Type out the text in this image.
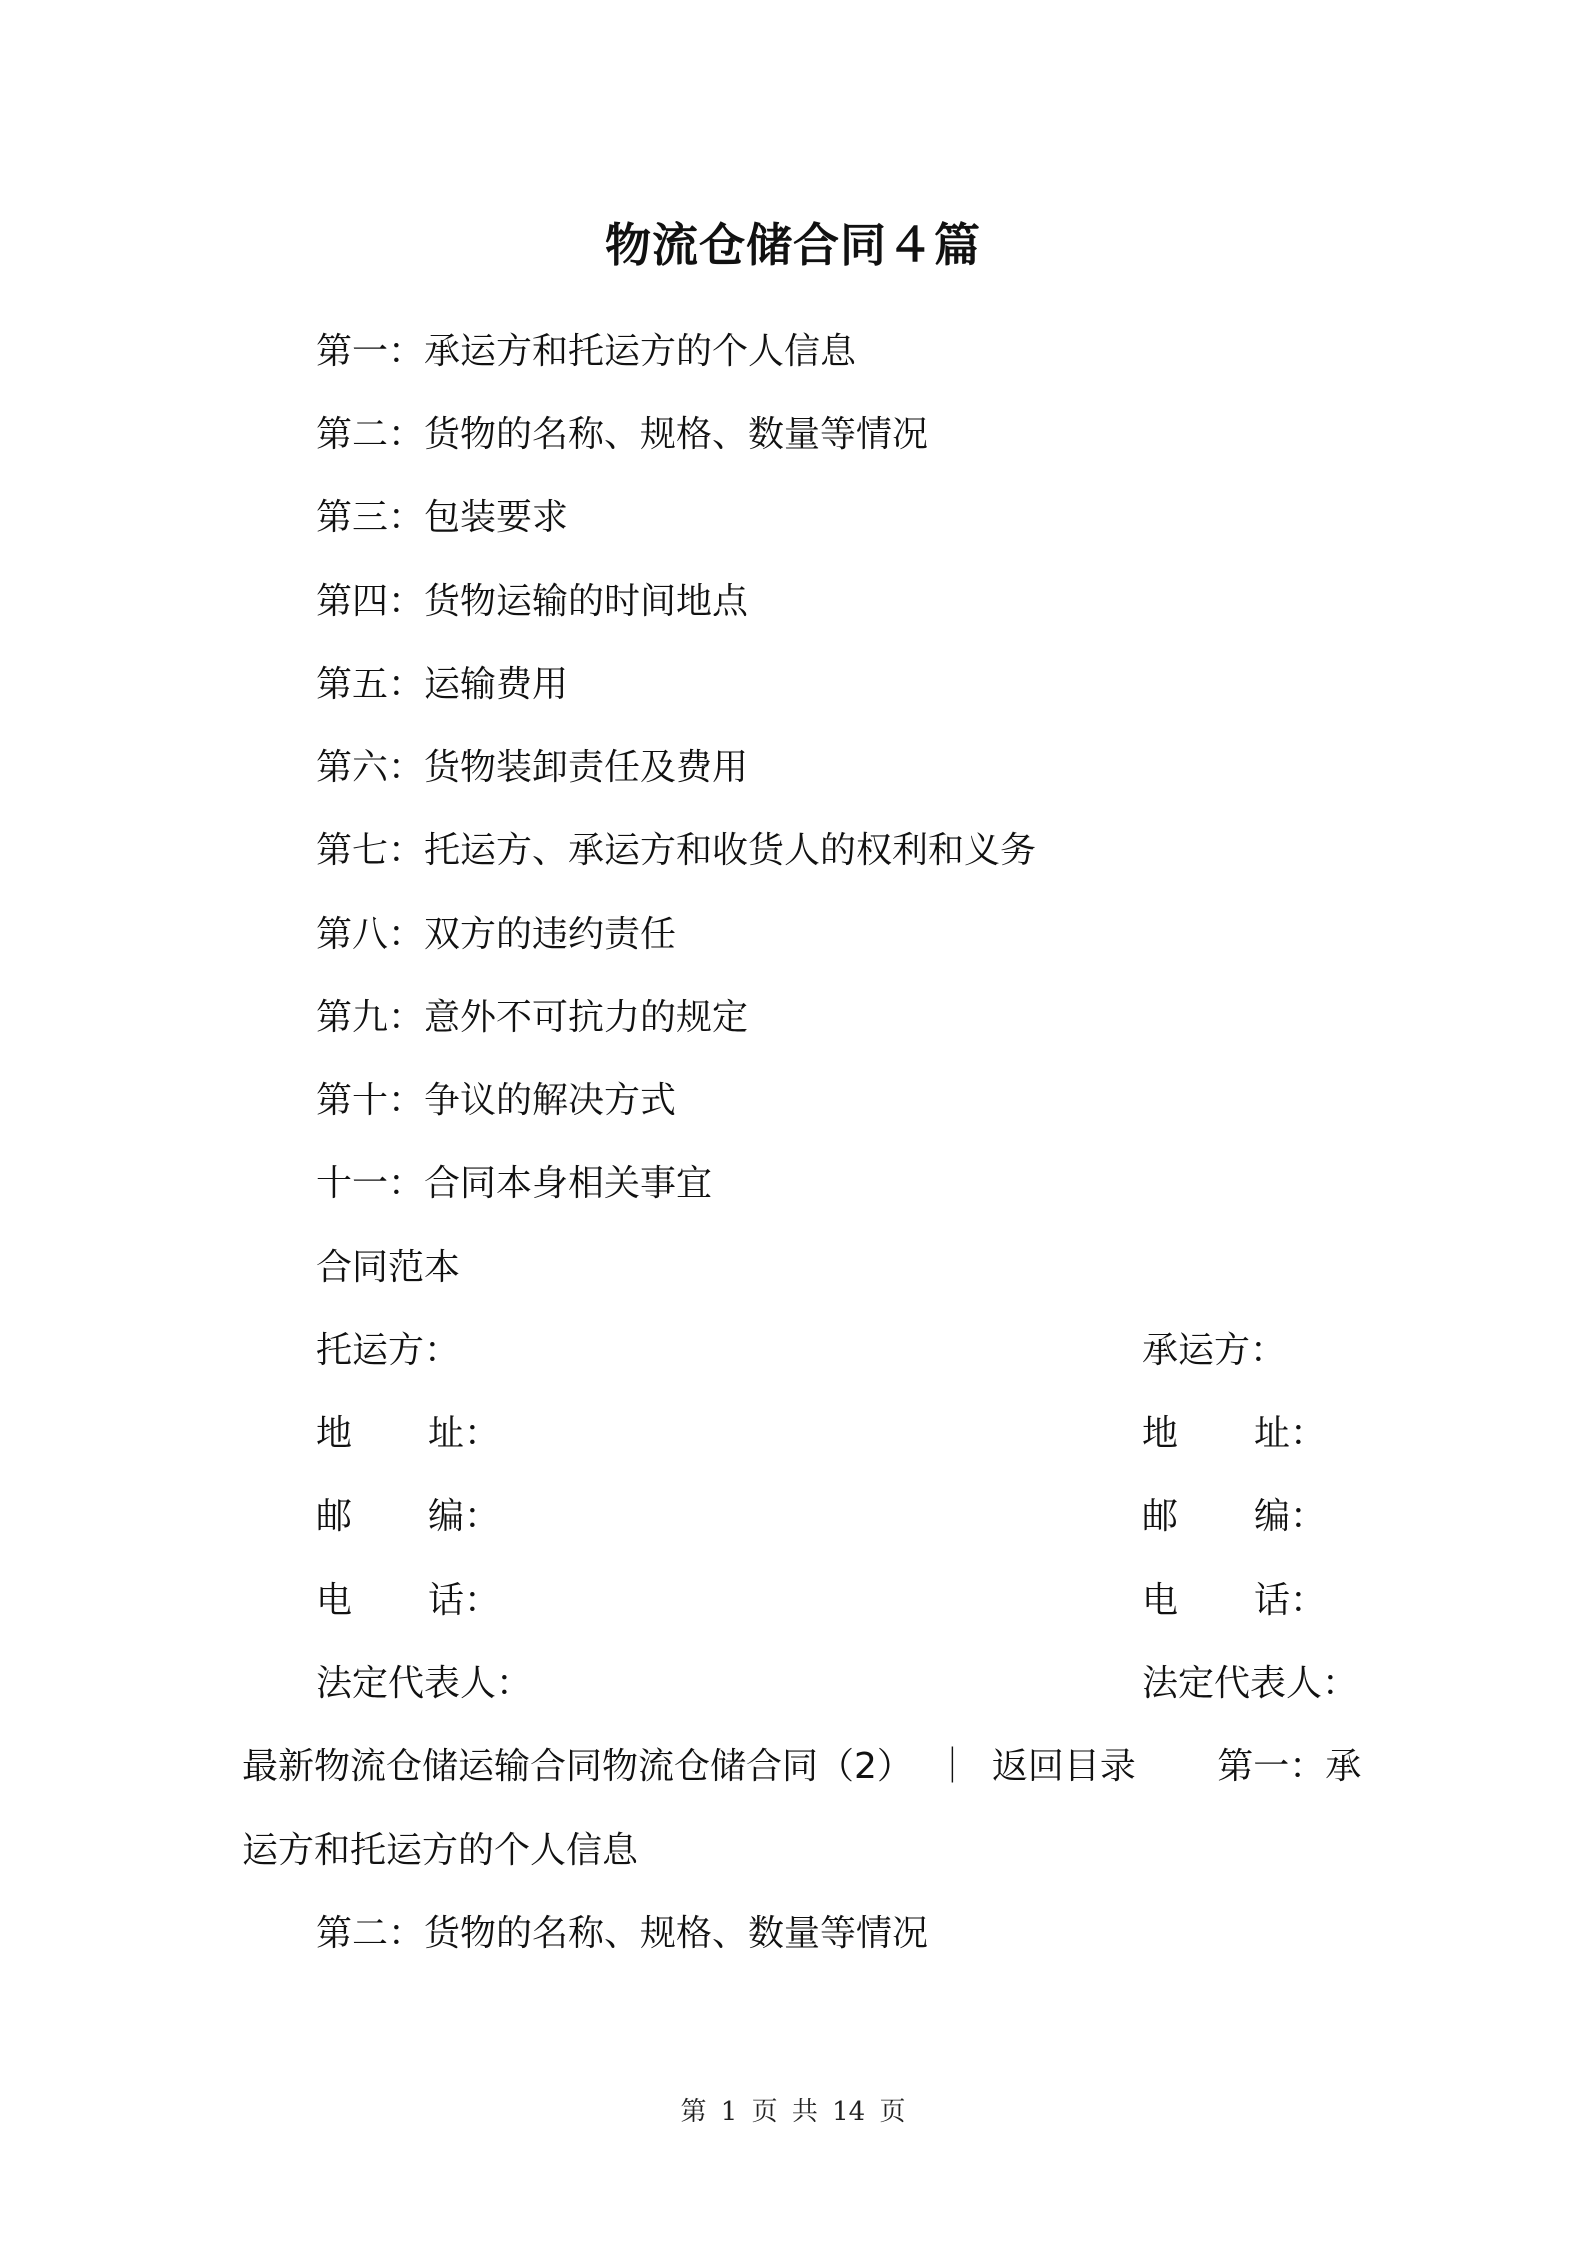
物流仓储合同４篇
第一：承运方和托运方的个人信息
第二：货物的名称、规格、数量等情况
第三：包装要求
第四：货物运输的时间地点
第五：运输费用
第六：货物装卸责任及费用
第七：托运方、承运方和收货人的权利和义务
第八：双方的违约责任
第九：意外不可抗力的规定
第十：争议的解决方式
十一：合同本身相关事宜
合同范本
托运方：	承运方：
地 址：	地 址：
邮 编：	邮 编：
电 话：	电 话：
法定代表人：	法定代表人：
最新物流仓储运输合同物流仓储合同（2） ｜ 返回目录 第一：承
运方和托运方的个人信息
第二：货物的名称、规格、数量等情况
第 1 页 共 14 页
